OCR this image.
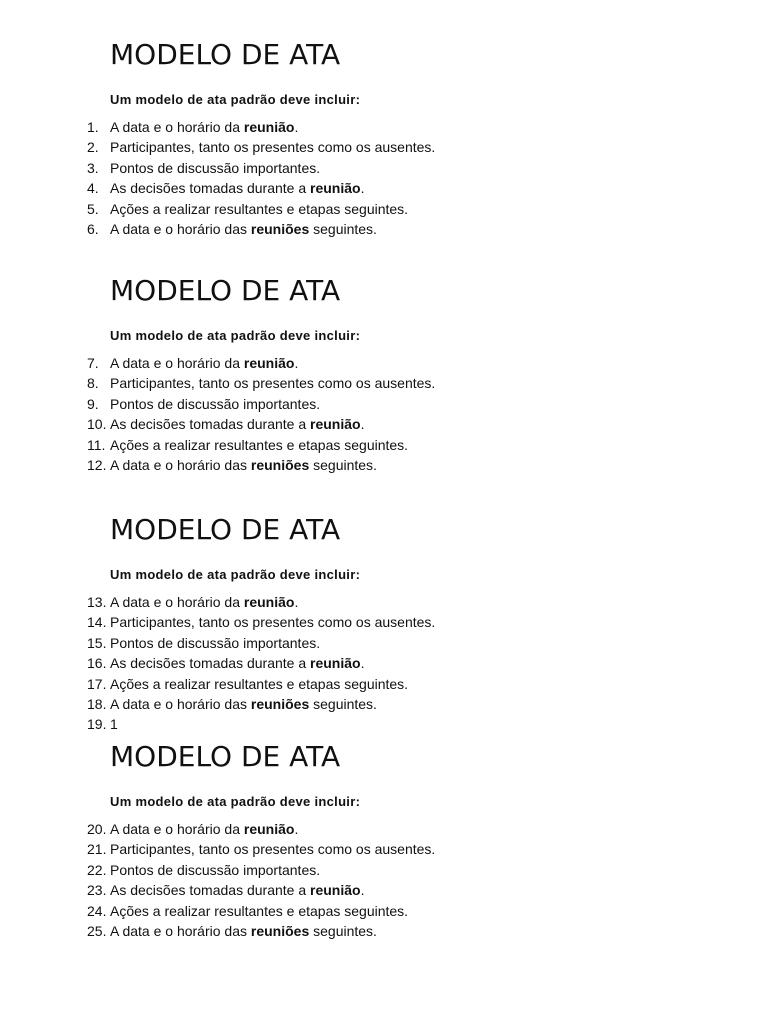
MODELO DE ATA

Um modelo de ata padrão deve incluir:

1. A data e o horário da reunião.
2. Participantes, tanto os presentes como os ausentes.
3. Pontos de discussão importantes.
4. As decisões tomadas durante a reunião.
5. Ações a realizar resultantes e etapas seguintes.
6. A data e o horário das reuniões seguintes.
MODELO DE ATA

Um modelo de ata padrão deve incluir:

7. A data e o horário da reunião.
8. Participantes, tanto os presentes como os ausentes.
9. Pontos de discussão importantes.
10. As decisões tomadas durante a reunião.
11. Ações a realizar resultantes e etapas seguintes.
12. A data e o horário das reuniões seguintes.
MODELO DE ATA

Um modelo de ata padrão deve incluir:

13. A data e o horário da reunião.
14. Participantes, tanto os presentes como os ausentes.
15. Pontos de discussão importantes.
16. As decisões tomadas durante a reunião.
17. Ações a realizar resultantes e etapas seguintes.
18. A data e o horário das reuniões seguintes.
19. 1
MODELO DE ATA

Um modelo de ata padrão deve incluir:

20. A data e o horário da reunião.
21. Participantes, tanto os presentes como os ausentes.
22. Pontos de discussão importantes.
23. As decisões tomadas durante a reunião.
24. Ações a realizar resultantes e etapas seguintes.
25. A data e o horário das reuniões seguintes.
